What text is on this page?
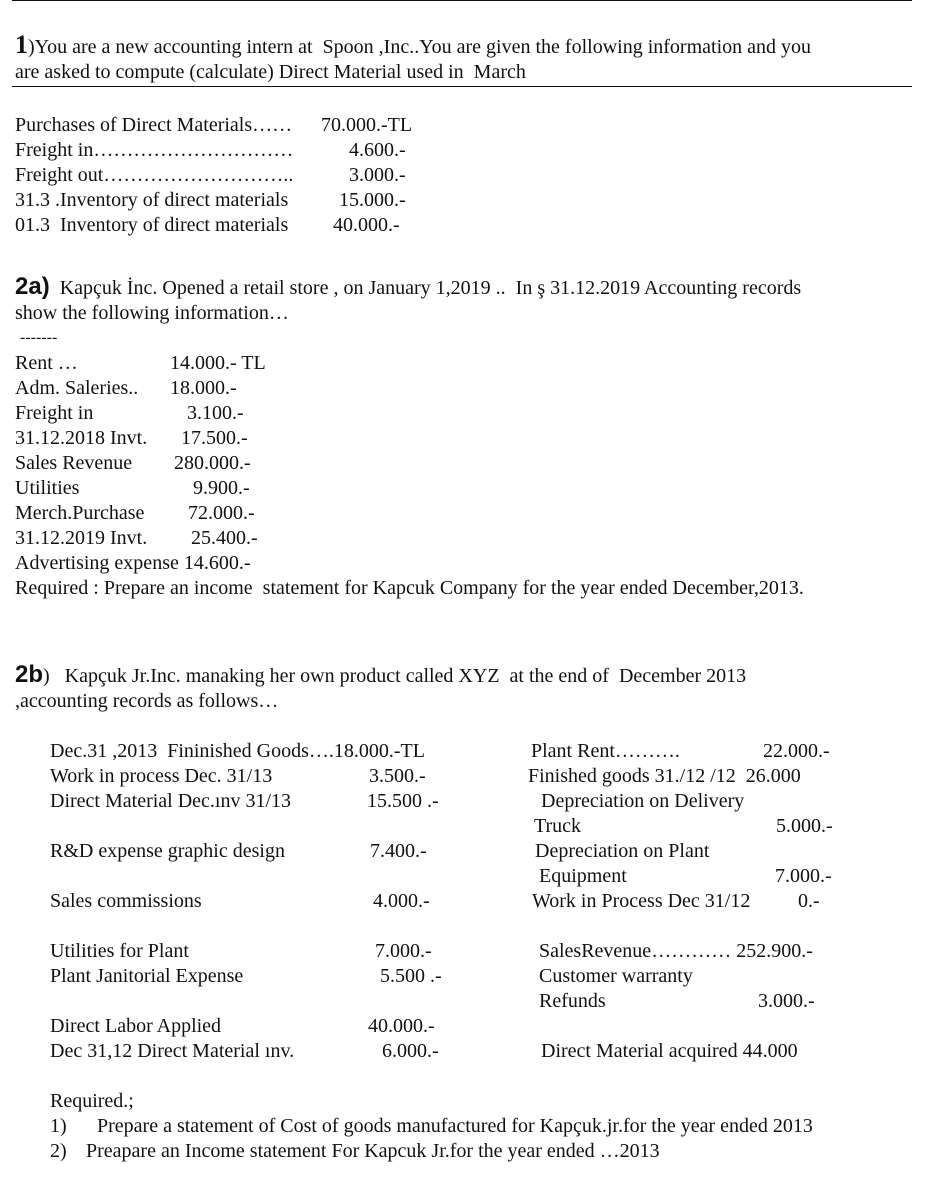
1)You are a new accounting intern at  Spoon ,Inc..You are given the following information and you
are asked to compute (calculate) Direct Material used in  March
Purchases of Direct Materials…… 70.000.-TL
Freight in…………………………	4.600.-
Freight out………………………..	3.000.-
31.3 .Inventory of direct materials	15.000.-
01.3  Inventory of direct materials 40.000.-
2a) Kapçuk İnc. Opened a retail store , on January 1,2019 ..  In ş 31.12.2019 Accounting records
show the following information…
-------
Rent …	14.000.- TL
Adm. Saleries.. 18.000.-
Freight in	3.100.-
31.12.2018 Invt. 17.500.-
Sales Revenue 280.000.-
Utilities	9.900.-
Merch.Purchase 72.000.-
31.12.2019 Invt. 25.400.-
Advertising expense 14.600.-
Required : Prepare an income  statement for Kapcuk Company for the year ended December,2013.
2b)   Kapçuk Jr.Inc. manaking her own product called XYZ  at the end of  December 2013
,accounting records as follows…
Dec.31 ,2013  Fininished Goods….18.000.-TL
Work in process Dec. 31/13	3.500.-
Direct Material Dec.ınv 31/13	15.500 .-
R&D expense graphic design	7.400.-
Sales commissions	4.000.-
Utilities for Plant	7.000.-
Plant Janitorial Expense	5.500 .-
Direct Labor Applied	40.000.-
Dec 31,12 Direct Material ınv.	6.000.-
Plant Rent……….	22.000.-
Finished goods 31./12 /12  26.000
Depreciation on Delivery
Truck	5.000.-
Depreciation on Plant
Equipment	7.000.-
Work in Process Dec 31/12 0.-
SalesRevenue………… 252.900.-
Customer warranty
Refunds	3.000.-
Direct Material acquired 44.000
Required.;
1) Prepare a statement of Cost of goods manufactured for Kapçuk.jr.for the year ended 2013
2) Preapare an Income statement For Kapcuk Jr.for the year ended …2013
